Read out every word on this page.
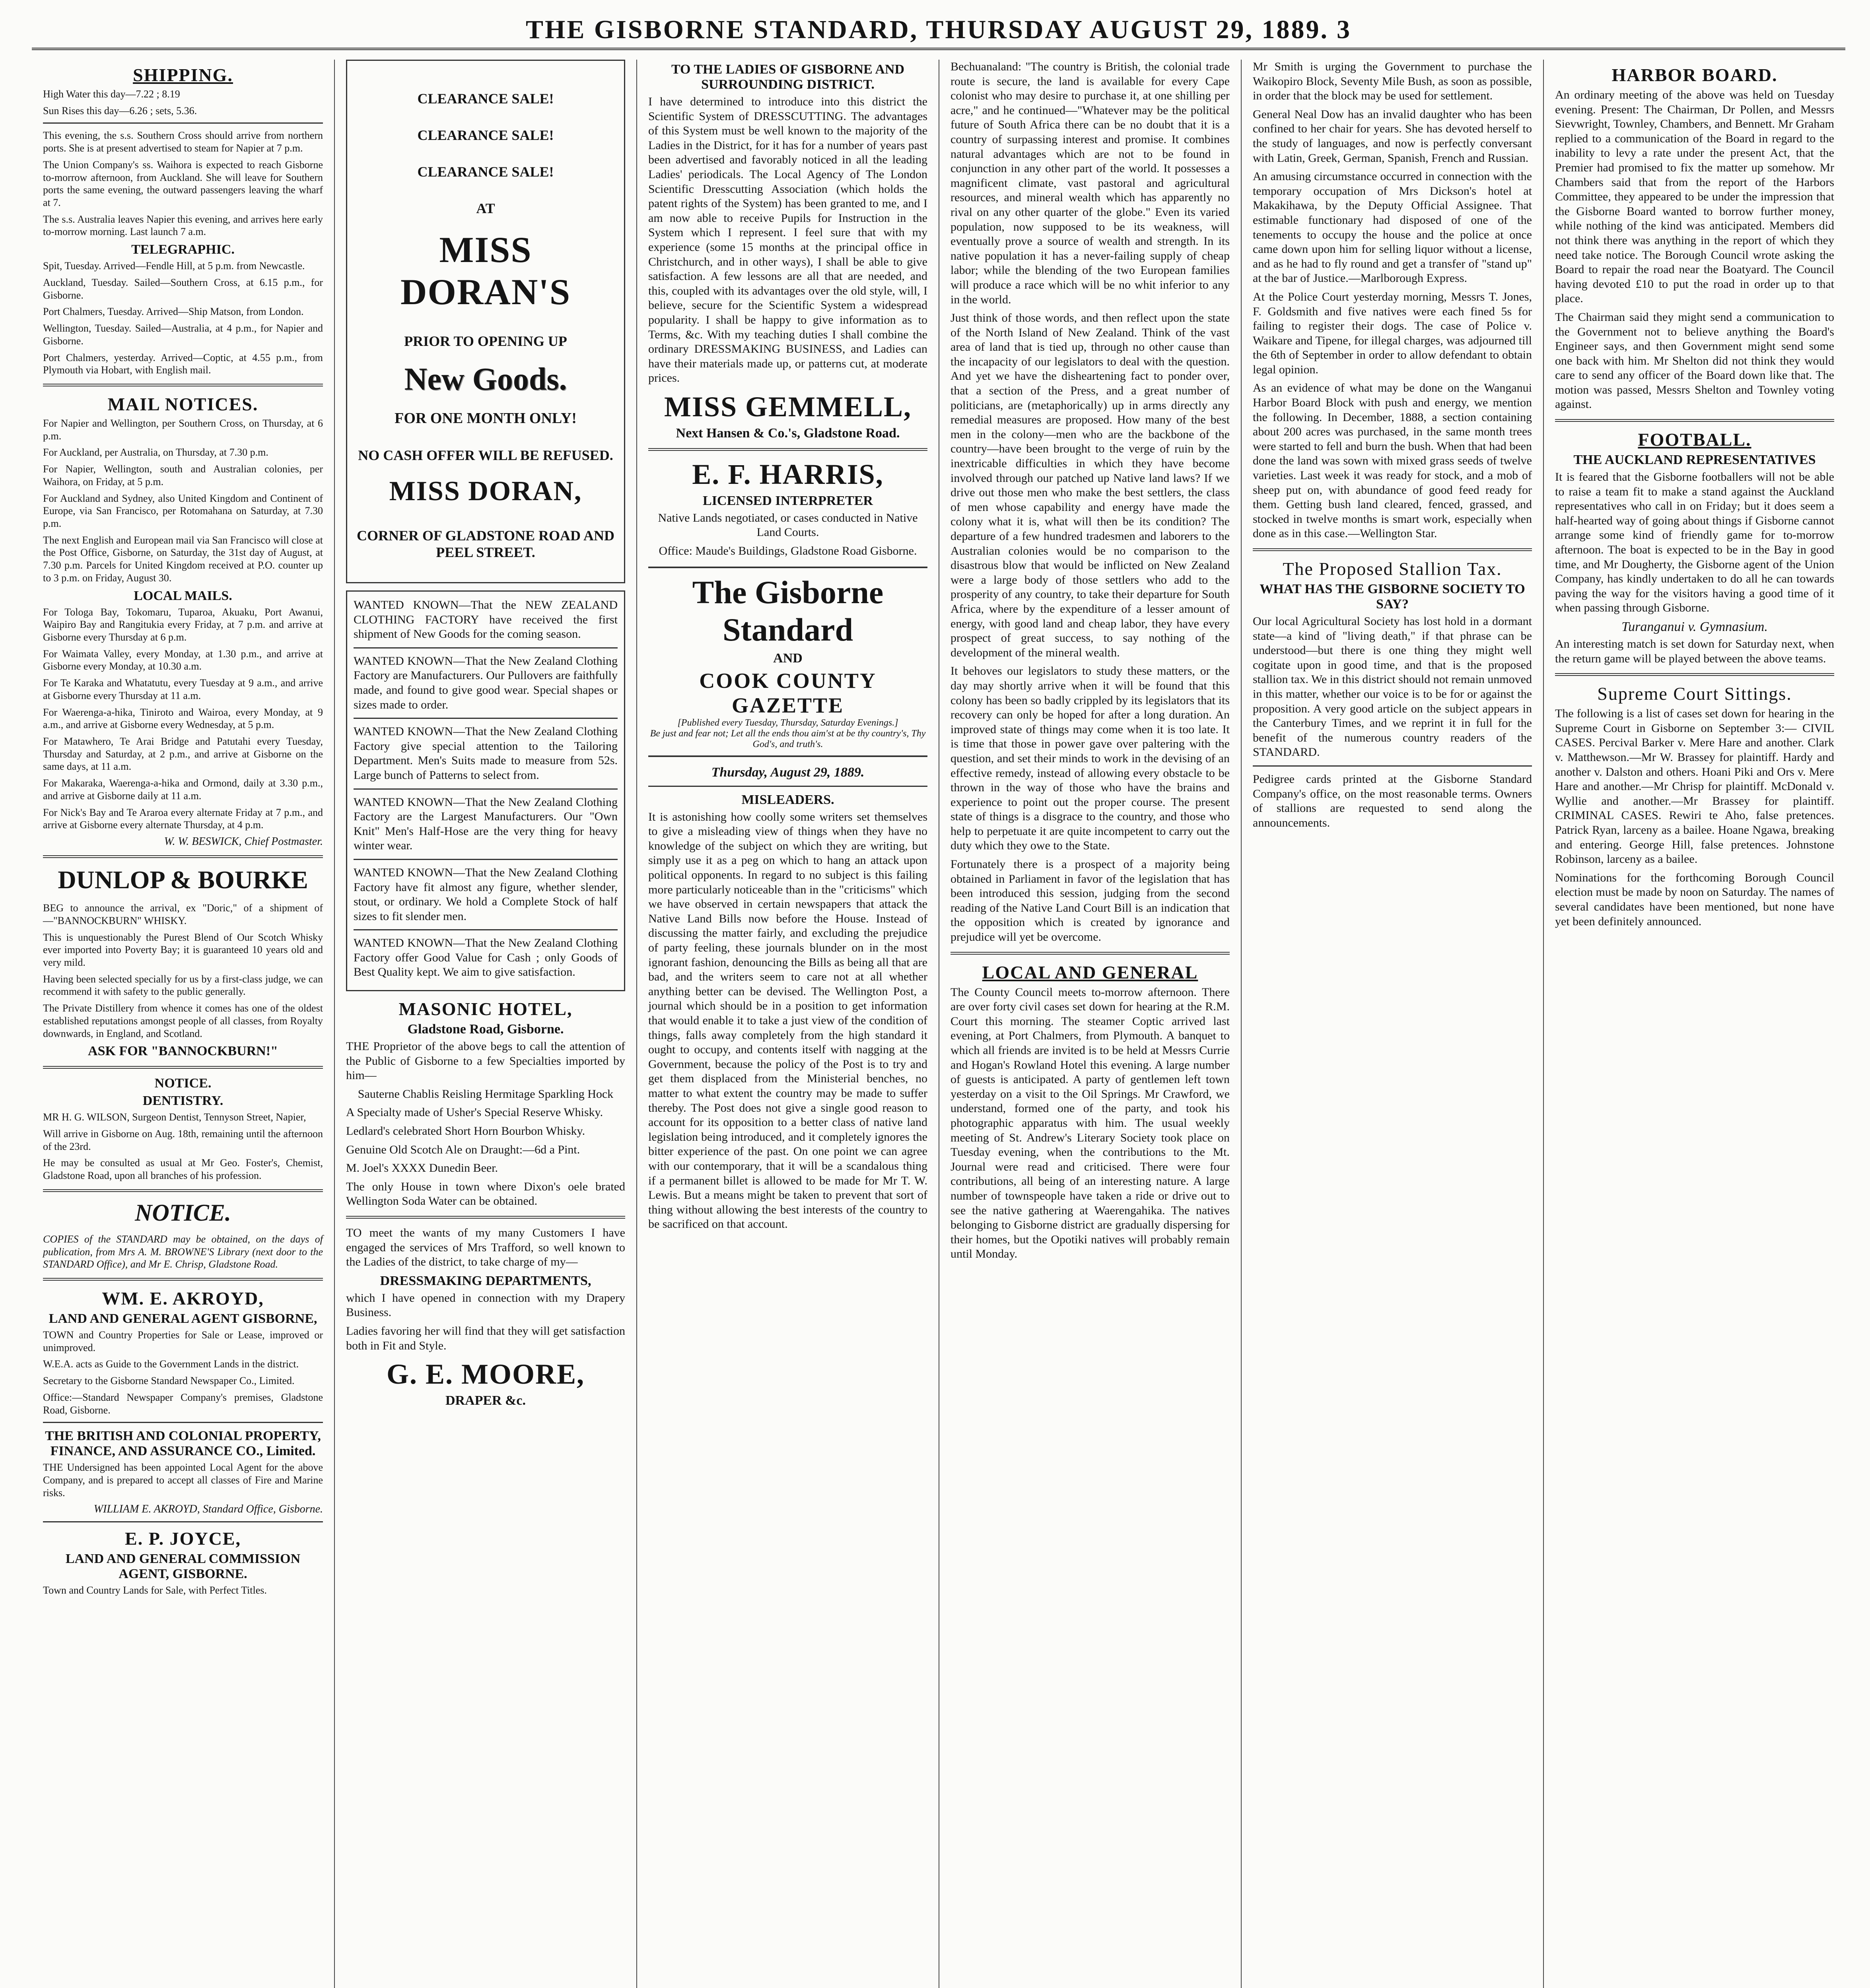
THE GISBORNE STANDARD, THURSDAY AUGUST 29, 1889. 3
SHIPPING.

High Water this day—7.22 ; 8.19

Sun Rises this day—6.26 ; sets, 5.36.

This evening, the s.s. Southern Cross should arrive from northern ports. She is at present advertised to steam for Napier at 7 p.m.

The Union Company's ss. Waihora is expected to reach Gisborne to-morrow afternoon, from Auckland. She will leave for Southern ports the same evening, the outward passengers leaving the wharf at 7.

The s.s. Australia leaves Napier this evening, and arrives here early to-morrow morning. Last launch 7 a.m.

TELEGRAPHIC.

Spit, Tuesday. Arrived—Fendle Hill, at 5 p.m. from Newcastle.

Auckland, Tuesday. Sailed—Southern Cross, at 6.15 p.m., for Gisborne.

Port Chalmers, Tuesday. Arrived—Ship Matson, from London.

Wellington, Tuesday. Sailed—Australia, at 4 p.m., for Napier and Gisborne.

Port Chalmers, yesterday. Arrived—Coptic, at 4.55 p.m., from Plymouth via Hobart, with English mail.

MAIL NOTICES.

For Napier and Wellington, per Southern Cross, on Thursday, at 6 p.m.

For Auckland, per Australia, on Thursday, at 7.30 p.m.

For Napier, Wellington, south and Australian colonies, per Waihora, on Friday, at 5 p.m.

For Auckland and Sydney, also United Kingdom and Continent of Europe, via San Francisco, per Rotomahana on Saturday, at 7.30 p.m.

The next English and European mail via San Francisco will close at the Post Office, Gisborne, on Saturday, the 31st day of August, at 7.30 p.m. Parcels for United Kingdom received at P.O. counter up to 3 p.m. on Friday, August 30.

LOCAL MAILS.

For Tologa Bay, Tokomaru, Tuparoa, Akuaku, Port Awanui, Waipiro Bay and Rangitukia every Friday, at 7 p.m. and arrive at Gisborne every Thursday at 6 p.m.

For Waimata Valley, every Monday, at 1.30 p.m., and arrive at Gisborne every Monday, at 10.30 a.m.

For Te Karaka and Whatatutu, every Tuesday at 9 a.m., and arrive at Gisborne every Thursday at 11 a.m.

For Waerenga-a-hika, Tiniroto and Wairoa, every Monday, at 9 a.m., and arrive at Gisborne every Wednesday, at 5 p.m.

For Matawhero, Te Arai Bridge and Patutahi every Tuesday, Thursday and Saturday, at 2 p.m., and arrive at Gisborne on the same days, at 11 a.m.

For Makaraka, Waerenga-a-hika and Ormond, daily at 3.30 p.m., and arrive at Gisborne daily at 11 a.m.

For Nick's Bay and Te Araroa every alternate Friday at 7 p.m., and arrive at Gisborne every alternate Thursday, at 4 p.m.

W. W. BESWICK, Chief Postmaster.
DUNLOP & BOURKE

BEG to announce the arrival, ex "Doric," of a shipment of—"BANNOCKBURN" WHISKY.

This is unquestionably the Purest Blend of Our Scotch Whisky ever imported into Poverty Bay; it is guaranteed 10 years old and very mild.

Having been selected specially for us by a first-class judge, we can recommend it with safety to the public generally.

The Private Distillery from whence it comes has one of the oldest established reputations amongst people of all classes, from Royalty downwards, in England, and Scotland.

ASK FOR "BANNOCKBURN!"
NOTICE.
DENTISTRY.

MR H. G. WILSON, Surgeon Dentist, Tennyson Street, Napier,

Will arrive in Gisborne on Aug. 18th, remaining until the afternoon of the 23rd.

He may be consulted as usual at Mr Geo. Foster's, Chemist, Gladstone Road, upon all branches of his profession.

NOTICE.

COPIES of the STANDARD may be obtained, on the days of publication, from Mrs A. M. BROWNE'S Library (next door to the STANDARD Office), and Mr E. Chrisp, Gladstone Road.

WM. E. AKROYD,
LAND AND GENERAL AGENT GISBORNE,

TOWN and Country Properties for Sale or Lease, improved or unimproved.

W.E.A. acts as Guide to the Government Lands in the district.

Secretary to the Gisborne Standard Newspaper Co., Limited.

Office:—Standard Newspaper Company's premises, Gladstone Road, Gisborne.

THE BRITISH AND COLONIAL PROPERTY, FINANCE, AND ASSURANCE CO., Limited.

THE Undersigned has been appointed Local Agent for the above Company, and is prepared to accept all classes of Fire and Marine risks.

WILLIAM E. AKROYD, Standard Office, Gisborne.
E. P. JOYCE,
LAND AND GENERAL COMMISSION AGENT, GISBORNE.

Town and Country Lands for Sale, with Perfect Titles.

CLEARANCE SALE!
CLEARANCE SALE!
CLEARANCE SALE!
AT
MISS DORAN'S
PRIOR TO OPENING UP
New Goods.
FOR ONE MONTH ONLY!
NO CASH OFFER WILL BE REFUSED.
MISS DORAN,
CORNER OF GLADSTONE ROAD AND PEEL STREET.

WANTED KNOWN—That the NEW ZEALAND CLOTHING FACTORY have received the first shipment of New Goods for the coming season.

WANTED KNOWN—That the New Zealand Clothing Factory are Manufacturers. Our Pullovers are faithfully made, and found to give good wear. Special shapes or sizes made to order.

WANTED KNOWN—That the New Zealand Clothing Factory give special attention to the Tailoring Department. Men's Suits made to measure from 52s. Large bunch of Patterns to select from.

WANTED KNOWN—That the New Zealand Clothing Factory are the Largest Manufacturers. Our "Own Knit" Men's Half-Hose are the very thing for heavy winter wear.

WANTED KNOWN—That the New Zealand Clothing Factory have fit almost any figure, whether slender, stout, or ordinary. We hold a Complete Stock of half sizes to fit slender men.

WANTED KNOWN—That the New Zealand Clothing Factory offer Good Value for Cash ; only Goods of Best Quality kept. We aim to give satisfaction.

MASONIC HOTEL,
Gladstone Road, Gisborne.

THE Proprietor of the above begs to call the attention of the Public of Gisborne to a few Specialties imported by him—

Sauterne Chablis Reisling Hermitage Sparkling Hock

A Specialty made of Usher's Special Reserve Whisky.

Ledlard's celebrated Short Horn Bourbon Whisky.

Genuine Old Scotch Ale on Draught:—6d a Pint.

M. Joel's XXXX Dunedin Beer.

The only House in town where Dixon's oele brated Wellington Soda Water can be obtained.

TO meet the wants of my many Customers I have engaged the services of Mrs Trafford, so well known to the Ladies of the district, to take charge of my—

DRESSMAKING DEPARTMENTS,

which I have opened in connection with my Drapery Business.

Ladies favoring her will find that they will get satisfaction both in Fit and Style.

G. E. MOORE,
DRAPER &c.
TO THE LADIES OF GISBORNE AND SURROUNDING DISTRICT.

I have determined to introduce into this district the Scientific System of DRESSCUTTING. The advantages of this System must be well known to the majority of the Ladies in the District, for it has for a number of years past been advertised and favorably noticed in all the leading Ladies' periodicals. The Local Agency of The London Scientific Dresscutting Association (which holds the patent rights of the System) has been granted to me, and I am now able to receive Pupils for Instruction in the System which I represent. I feel sure that with my experience (some 15 months at the principal office in Christchurch, and in other ways), I shall be able to give satisfaction. A few lessons are all that are needed, and this, coupled with its advantages over the old style, will, I believe, secure for the Scientific System a widespread popularity. I shall be happy to give information as to Terms, &c. With my teaching duties I shall combine the ordinary DRESSMAKING BUSINESS, and Ladies can have their materials made up, or patterns cut, at moderate prices.

MISS GEMMELL,
Next Hansen & Co.'s, Gladstone Road.
E. F. HARRIS,
LICENSED INTERPRETER

Native Lands negotiated, or cases conducted in Native Land Courts.

Office: Maude's Buildings, Gladstone Road Gisborne.

The Gisborne Standard
AND
COOK COUNTY GAZETTE
[Published every Tuesday, Thursday, Saturday Evenings.]
Be just and fear not; Let all the ends thou aim'st at be thy country's, Thy God's, and truth's.
Thursday, August 29, 1889.
MISLEADERS.

It is astonishing how coolly some writers set themselves to give a misleading view of things when they have no knowledge of the subject on which they are writing, but simply use it as a peg on which to hang an attack upon political opponents. In regard to no subject is this failing more particularly noticeable than in the "criticisms" which we have observed in certain newspapers that attack the Native Land Bills now before the House. Instead of discussing the matter fairly, and excluding the prejudice of party feeling, these journals blunder on in the most ignorant fashion, denouncing the Bills as being all that are bad, and the writers seem to care not at all whether anything better can be devised. The Wellington Post, a journal which should be in a position to get information that would enable it to take a just view of the condition of things, falls away completely from the high standard it ought to occupy, and contents itself with nagging at the Government, because the policy of the Post is to try and get them displaced from the Ministerial benches, no matter to what extent the country may be made to suffer thereby. The Post does not give a single good reason to account for its opposition to a better class of native land legislation being introduced, and it completely ignores the bitter experience of the past. On one point we can agree with our contemporary, that it will be a scandalous thing if a permanent billet is allowed to be made for Mr T. W. Lewis. But a means might be taken to prevent that sort of thing without allowing the best interests of the country to be sacrificed on that account.

Bechuanaland: "The country is British, the colonial trade route is secure, the land is available for every Cape colonist who may desire to purchase it, at one shilling per acre," and he continued—"Whatever may be the political future of South Africa there can be no doubt that it is a country of surpassing interest and promise. It combines natural advantages which are not to be found in conjunction in any other part of the world. It possesses a magnificent climate, vast pastoral and agricultural resources, and mineral wealth which has apparently no rival on any other quarter of the globe." Even its varied population, now supposed to be its weakness, will eventually prove a source of wealth and strength. In its native population it has a never-failing supply of cheap labor; while the blending of the two European families will produce a race which will be no whit inferior to any in the world.

Just think of those words, and then reflect upon the state of the North Island of New Zealand. Think of the vast area of land that is tied up, through no other cause than the incapacity of our legislators to deal with the question. And yet we have the disheartening fact to ponder over, that a section of the Press, and a great number of politicians, are (metaphorically) up in arms directly any remedial measures are proposed. How many of the best men in the colony—men who are the backbone of the country—have been brought to the verge of ruin by the inextricable difficulties in which they have become involved through our patched up Native land laws? If we drive out those men who make the best settlers, the class of men whose capability and energy have made the colony what it is, what will then be its condition? The departure of a few hundred tradesmen and laborers to the Australian colonies would be no comparison to the disastrous blow that would be inflicted on New Zealand were a large body of those settlers who add to the prosperity of any country, to take their departure for South Africa, where by the expenditure of a lesser amount of energy, with good land and cheap labor, they have every prospect of great success, to say nothing of the development of the mineral wealth.

It behoves our legislators to study these matters, or the day may shortly arrive when it will be found that this colony has been so badly crippled by its legislators that its recovery can only be hoped for after a long duration. An improved state of things may come when it is too late. It is time that those in power gave over paltering with the question, and set their minds to work in the devising of an effective remedy, instead of allowing every obstacle to be thrown in the way of those who have the brains and experience to point out the proper course. The present state of things is a disgrace to the country, and those who help to perpetuate it are quite incompetent to carry out the duty which they owe to the State.

Fortunately there is a prospect of a majority being obtained in Parliament in favor of the legislation that has been introduced this session, judging from the second reading of the Native Land Court Bill is an indication that the opposition which is created by ignorance and prejudice will yet be overcome.

LOCAL AND GENERAL

The County Council meets to-morrow afternoon. There are over forty civil cases set down for hearing at the R.M. Court this morning. The steamer Coptic arrived last evening, at Port Chalmers, from Plymouth. A banquet to which all friends are invited is to be held at Messrs Currie and Hogan's Rowland Hotel this evening. A large number of guests is anticipated. A party of gentlemen left town yesterday on a visit to the Oil Springs. Mr Crawford, we understand, formed one of the party, and took his photographic apparatus with him. The usual weekly meeting of St. Andrew's Literary Society took place on Tuesday evening, when the contributions to the Mt. Journal were read and criticised. There were four contributions, all being of an interesting nature. A large number of townspeople have taken a ride or drive out to see the native gathering at Waerengahika. The natives belonging to Gisborne district are gradually dispersing for their homes, but the Opotiki natives will probably remain until Monday.

Mr Smith is urging the Government to purchase the Waikopiro Block, Seventy Mile Bush, as soon as possible, in order that the block may be used for settlement.

General Neal Dow has an invalid daughter who has been confined to her chair for years. She has devoted herself to the study of languages, and now is perfectly conversant with Latin, Greek, German, Spanish, French and Russian.

An amusing circumstance occurred in connection with the temporary occupation of Mrs Dickson's hotel at Makakihawa, by the Deputy Official Assignee. That estimable functionary had disposed of one of the tenements to occupy the house and the police at once came down upon him for selling liquor without a license, and as he had to fly round and get a transfer of "stand up" at the bar of Justice.—Marlborough Express.

At the Police Court yesterday morning, Messrs T. Jones, F. Goldsmith and five natives were each fined 5s for failing to register their dogs. The case of Police v. Waikare and Tipene, for illegal charges, was adjourned till the 6th of September in order to allow defendant to obtain legal opinion.

As an evidence of what may be done on the Wanganui Harbor Board Block with push and energy, we mention the following. In December, 1888, a section containing about 200 acres was purchased, in the same month trees were started to fell and burn the bush. When that had been done the land was sown with mixed grass seeds of twelve varieties. Last week it was ready for stock, and a mob of sheep put on, with abundance of good feed ready for them. Getting bush land cleared, fenced, grassed, and stocked in twelve months is smart work, especially when done as in this case.—Wellington Star.

The Proposed Stallion Tax.
WHAT HAS THE GISBORNE SOCIETY TO SAY?

Our local Agricultural Society has lost hold in a dormant state—a kind of "living death," if that phrase can be understood—but there is one thing they might well cogitate upon in good time, and that is the proposed stallion tax. We in this district should not remain unmoved in this matter, whether our voice is to be for or against the proposition. A very good article on the subject appears in the Canterbury Times, and we reprint it in full for the benefit of the numerous country readers of the STANDARD.

Pedigree cards printed at the Gisborne Standard Company's office, on the most reasonable terms. Owners of stallions are requested to send along the announcements.

HARBOR BOARD.

An ordinary meeting of the above was held on Tuesday evening. Present: The Chairman, Dr Pollen, and Messrs Sievwright, Townley, Chambers, and Bennett. Mr Graham replied to a communication of the Board in regard to the inability to levy a rate under the present Act, that the Premier had promised to fix the matter up somehow. Mr Chambers said that from the report of the Harbors Committee, they appeared to be under the impression that the Gisborne Board wanted to borrow further money, while nothing of the kind was anticipated. Members did not think there was anything in the report of which they need take notice. The Borough Council wrote asking the Board to repair the road near the Boatyard. The Council having devoted £10 to put the road in order up to that place.

The Chairman said they might send a communication to the Government not to believe anything the Board's Engineer says, and then Government might send some one back with him. Mr Shelton did not think they would care to send any officer of the Board down like that. The motion was passed, Messrs Shelton and Townley voting against.

FOOTBALL.
THE AUCKLAND REPRESENTATIVES

It is feared that the Gisborne footballers will not be able to raise a team fit to make a stand against the Auckland representatives who call in on Friday; but it does seem a half-hearted way of going about things if Gisborne cannot arrange some kind of friendly game for to-morrow afternoon. The boat is expected to be in the Bay in good time, and Mr Dougherty, the Gisborne agent of the Union Company, has kindly undertaken to do all he can towards paving the way for the visitors having a good time of it when passing through Gisborne.

Turanganui v. Gymnasium.

An interesting match is set down for Saturday next, when the return game will be played between the above teams.

Supreme Court Sittings.

The following is a list of cases set down for hearing in the Supreme Court in Gisborne on September 3:— CIVIL CASES. Percival Barker v. Mere Hare and another. Clark v. Matthewson.—Mr W. Brassey for plaintiff. Hardy and another v. Dalston and others. Hoani Piki and Ors v. Mere Hare and another.—Mr Chrisp for plaintiff. McDonald v. Wyllie and another.—Mr Brassey for plaintiff. CRIMINAL CASES. Rewiri te Aho, false pretences. Patrick Ryan, larceny as a bailee. Hoane Ngawa, breaking and entering. George Hill, false pretences. Johnstone Robinson, larceny as a bailee.

Nominations for the forthcoming Borough Council election must be made by noon on Saturday. The names of several candidates have been mentioned, but none have yet been definitely announced.
